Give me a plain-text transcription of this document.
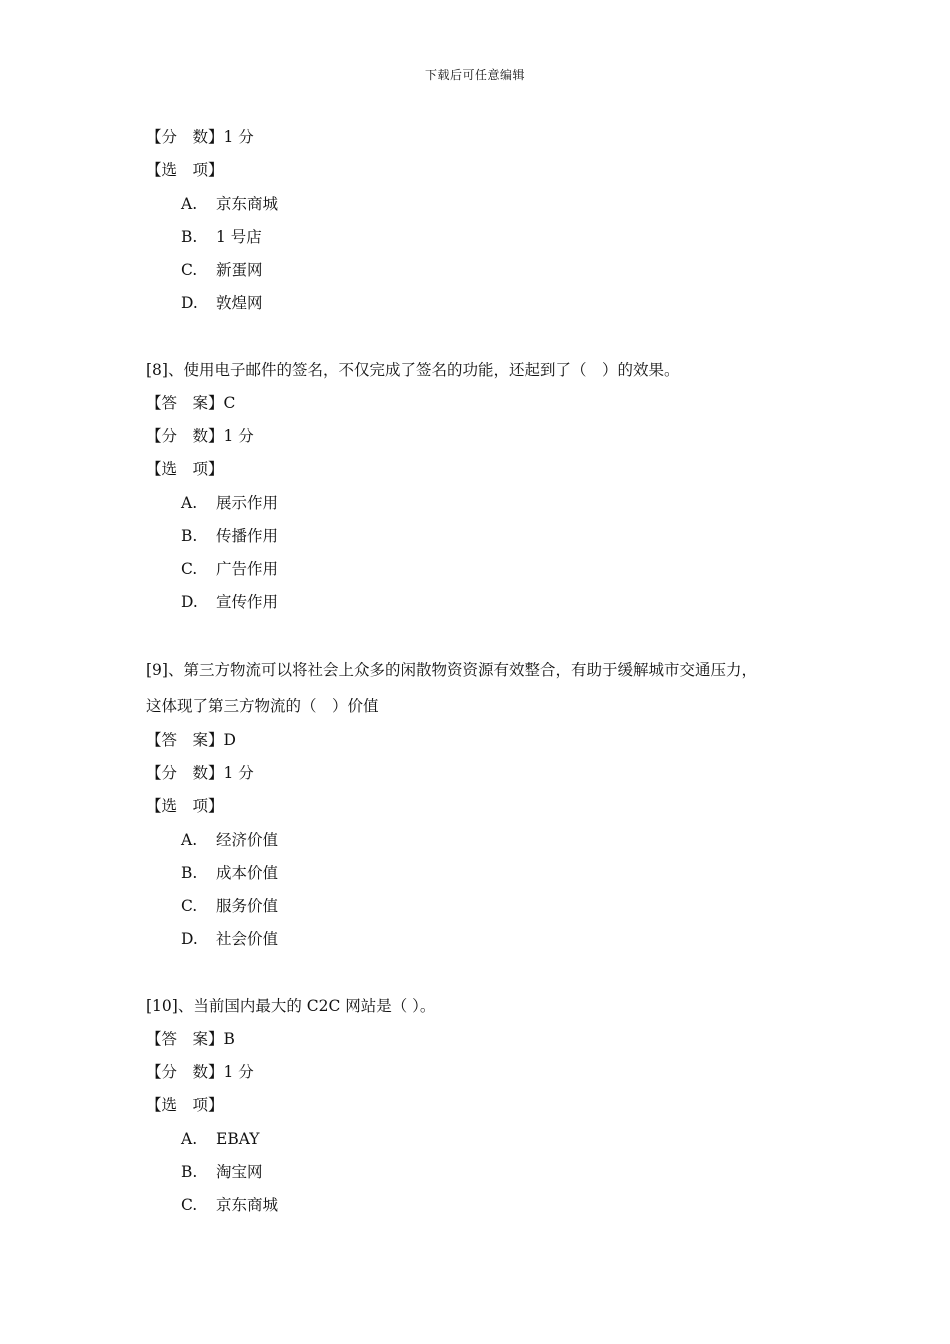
下载后可任意编辑
【分　数】1 分
【选　项】
A. 京东商城
B. 1 号店
C. 新蛋网
D. 敦煌网
[8]、使用电子邮件的签名，不仅完成了签名的功能，还起到了（　）的效果。
【答　案】C
【分　数】1 分
【选　项】
A. 展示作用
B. 传播作用
C. 广告作用
D. 宣传作用
[9]、第三方物流可以将社会上众多的闲散物资资源有效整合，有助于缓解城市交通压力，
这体现了第三方物流的（　）价值
【答　案】D
【分　数】1 分
【选　项】
A. 经济价值
B. 成本价值
C. 服务价值
D. 社会价值
[10]、当前国内最大的 C2C 网站是（ ）。
【答　案】B
【分　数】1 分
【选　项】
A. EBAY
B. 淘宝网
C. 京东商城
